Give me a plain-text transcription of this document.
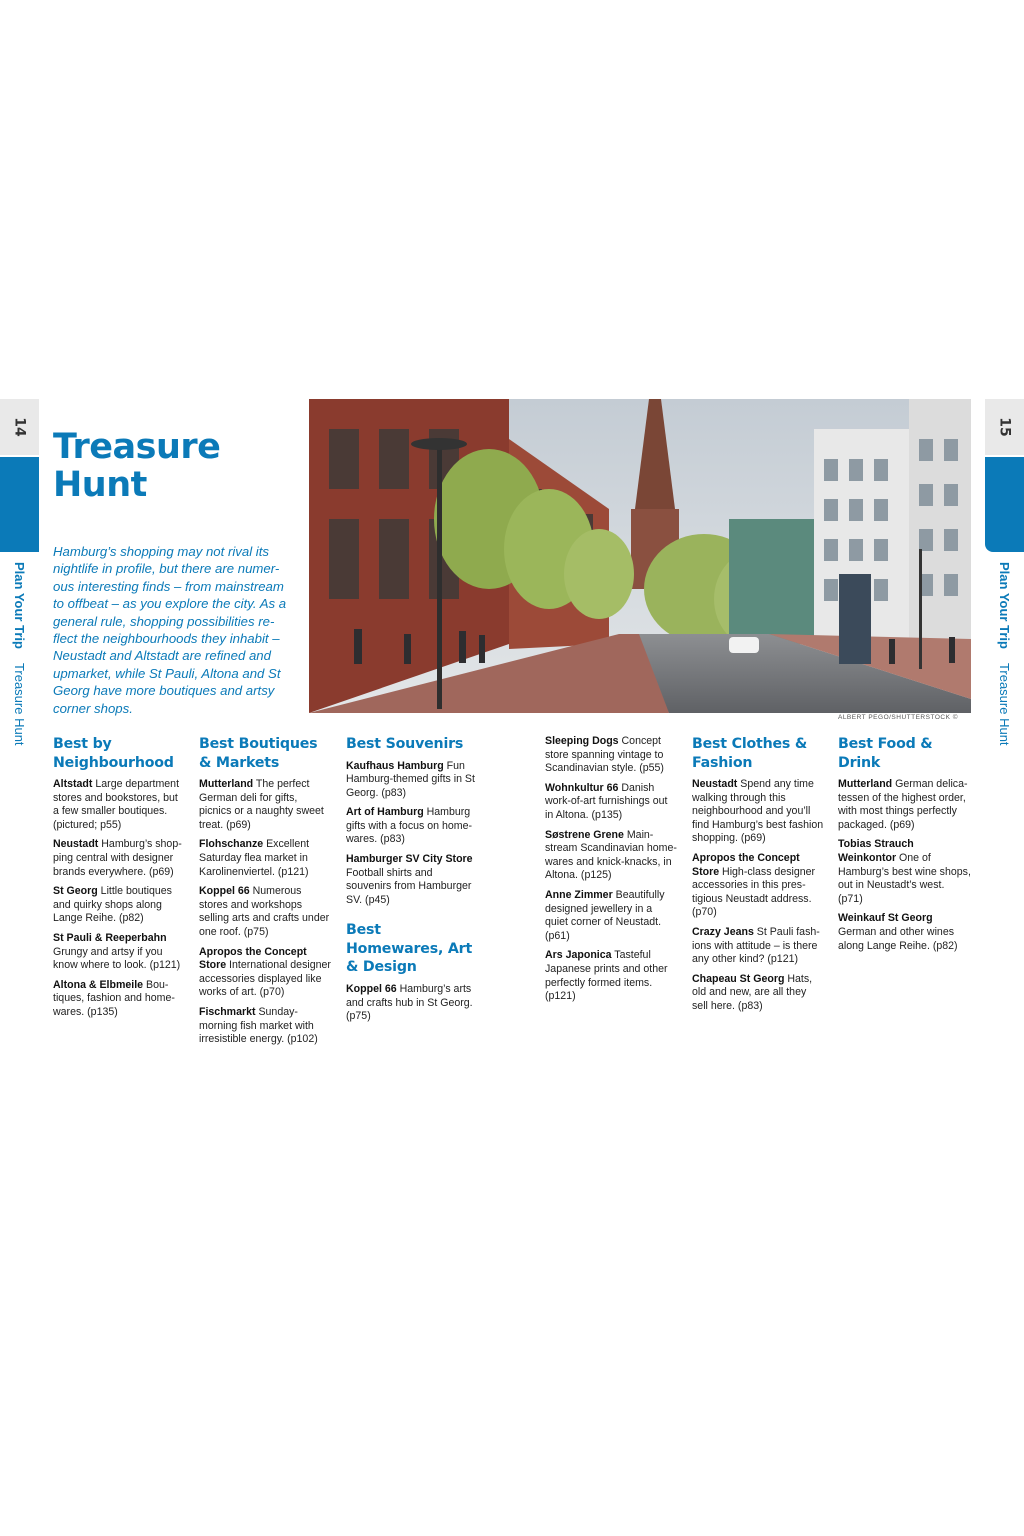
14
Plan Your TripTreasure Hunt
15
Plan Your TripTreasure Hunt
Treasure
Hunt

Hamburg’s shopping may not rival its nightlife in profile, but there are numer-ous interesting finds – from mainstream to offbeat – as you explore the city. As a general rule, shopping possibilities re-flect the neighbourhoods they inhabit – Neustadt and Altstadt are refined and upmarket, while St Pauli, Altona and St Georg have more boutiques and artsy corner shops.

ALBERT PEGO/SHUTTERSTOCK ©
Best by Neighbourhood

Altstadt Large department stores and bookstores, but a few smaller boutiques. (pictured; p55)

Neustadt Hamburg’s shop-ping central with designer brands everywhere. (p69)

St Georg Little boutiques and quirky shops along Lange Reihe. (p82)

St Pauli & Reeperbahn Grungy and artsy if you know where to look. (p121)

Altona & Elbmeile Bou-tiques, fashion and home-wares. (p135)

Best Boutiques & Markets

Mutterland The perfect German deli for gifts, picnics or a naughty sweet treat. (p69)

Flohschanze Excellent Saturday flea market in Karolinenviertel. (p121)

Koppel 66 Numerous stores and workshops selling arts and crafts under one roof. (p75)

Apropos the Concept Store International designer accessories displayed like works of art. (p70)

Fischmarkt Sunday-morning fish market with irresistible energy. (p102)

Best Souvenirs

Kaufhaus Hamburg Fun Hamburg-themed gifts in St Georg. (p83)

Art of Hamburg Hamburg gifts with a focus on home-wares. (p83)

Hamburger SV City Store Football shirts and souvenirs from Hamburger SV. (p45)

Best Homewares, Art & Design

Koppel 66 Hamburg’s arts and crafts hub in St Georg. (p75)

Sleeping Dogs Concept store spanning vintage to Scandinavian style. (p55)

Wohnkultur 66 Danish work-of-art furnishings out in Altona. (p135)

Søstrene Grene Main-stream Scandinavian home-wares and knick-knacks, in Altona. (p125)

Anne Zimmer Beautifully designed jewellery in a quiet corner of Neustadt. (p61)

Ars Japonica Tasteful Japanese prints and other perfectly formed items. (p121)

Best Clothes & Fashion

Neustadt Spend any time walking through this neighbourhood and you’ll find Hamburg’s best fashion shopping. (p69)

Apropos the Concept Store High-class designer accessories in this pres-tigious Neustadt address. (p70)

Crazy Jeans St Pauli fash-ions with attitude – is there any other kind? (p121)

Chapeau St Georg Hats, old and new, are all they sell here. (p83)

Best Food & Drink

Mutterland German delica-tessen of the highest order, with most things perfectly packaged. (p69)

Tobias Strauch Weinkontor One of Hamburg’s best wine shops, out in Neustadt’s west. (p71)

Weinkauf St Georg German and other wines along Lange Reihe. (p82)
